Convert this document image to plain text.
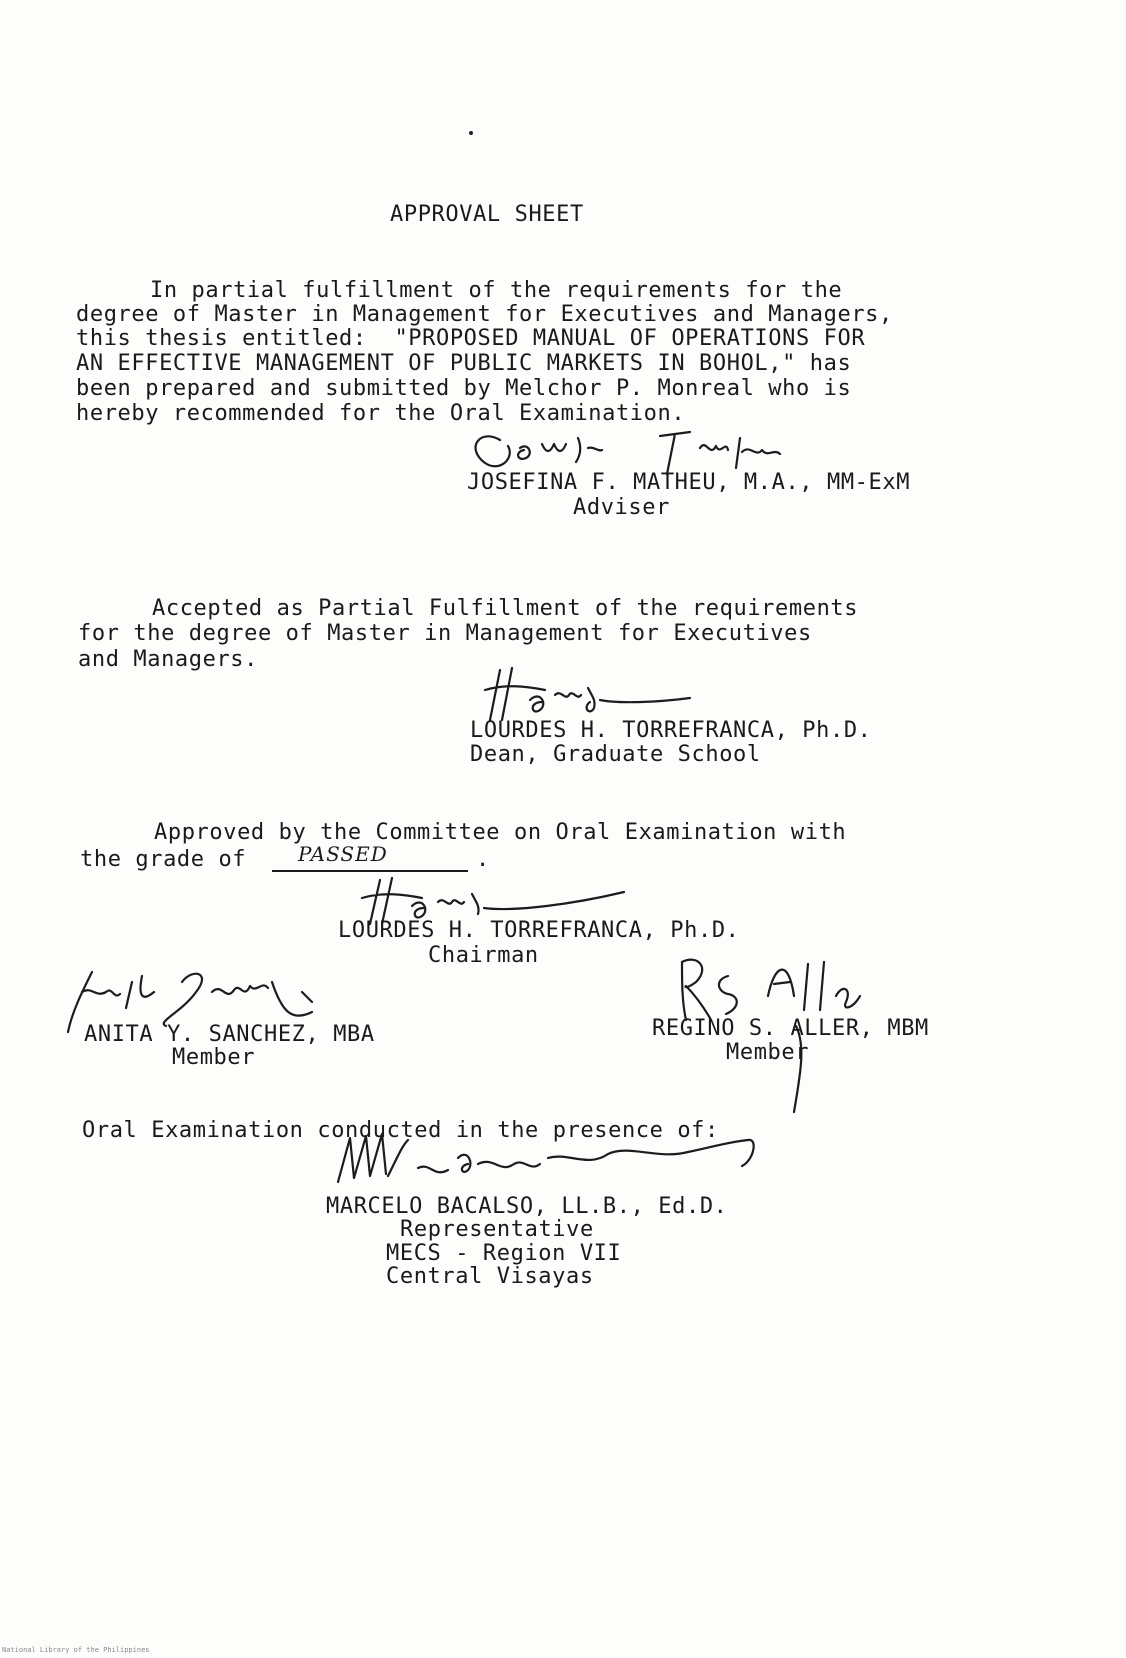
APPROVAL SHEET
In partial fulfillment of the requirements for the
degree of Master in Management for Executives and Managers,
this thesis entitled:  "PROPOSED MANUAL OF OPERATIONS FOR
AN EFFECTIVE MANAGEMENT OF PUBLIC MARKETS IN BOHOL," has
been prepared and submitted by Melchor P. Monreal who is
hereby recommended for the Oral Examination.
JOSEFINA F. MATHEU, M.A., MM-ExM
Adviser
Accepted as Partial Fulfillment of the requirements
for the degree of Master in Management for Executives
and Managers.
LOURDES H. TORREFRANCA, Ph.D.
Dean, Graduate School
Approved by the Committee on Oral Examination with
the grade of	PASSED	.
LOURDES H. TORREFRANCA, Ph.D.
Chairman
ANITA Y. SANCHEZ, MBA
Member
REGINO S. ALLER, MBM
Member
Oral Examination conducted in the presence of:
MARCELO BACALSO, LL.B., Ed.D.
Representative
MECS - Region VII
Central Visayas
National Library of the Philippines
